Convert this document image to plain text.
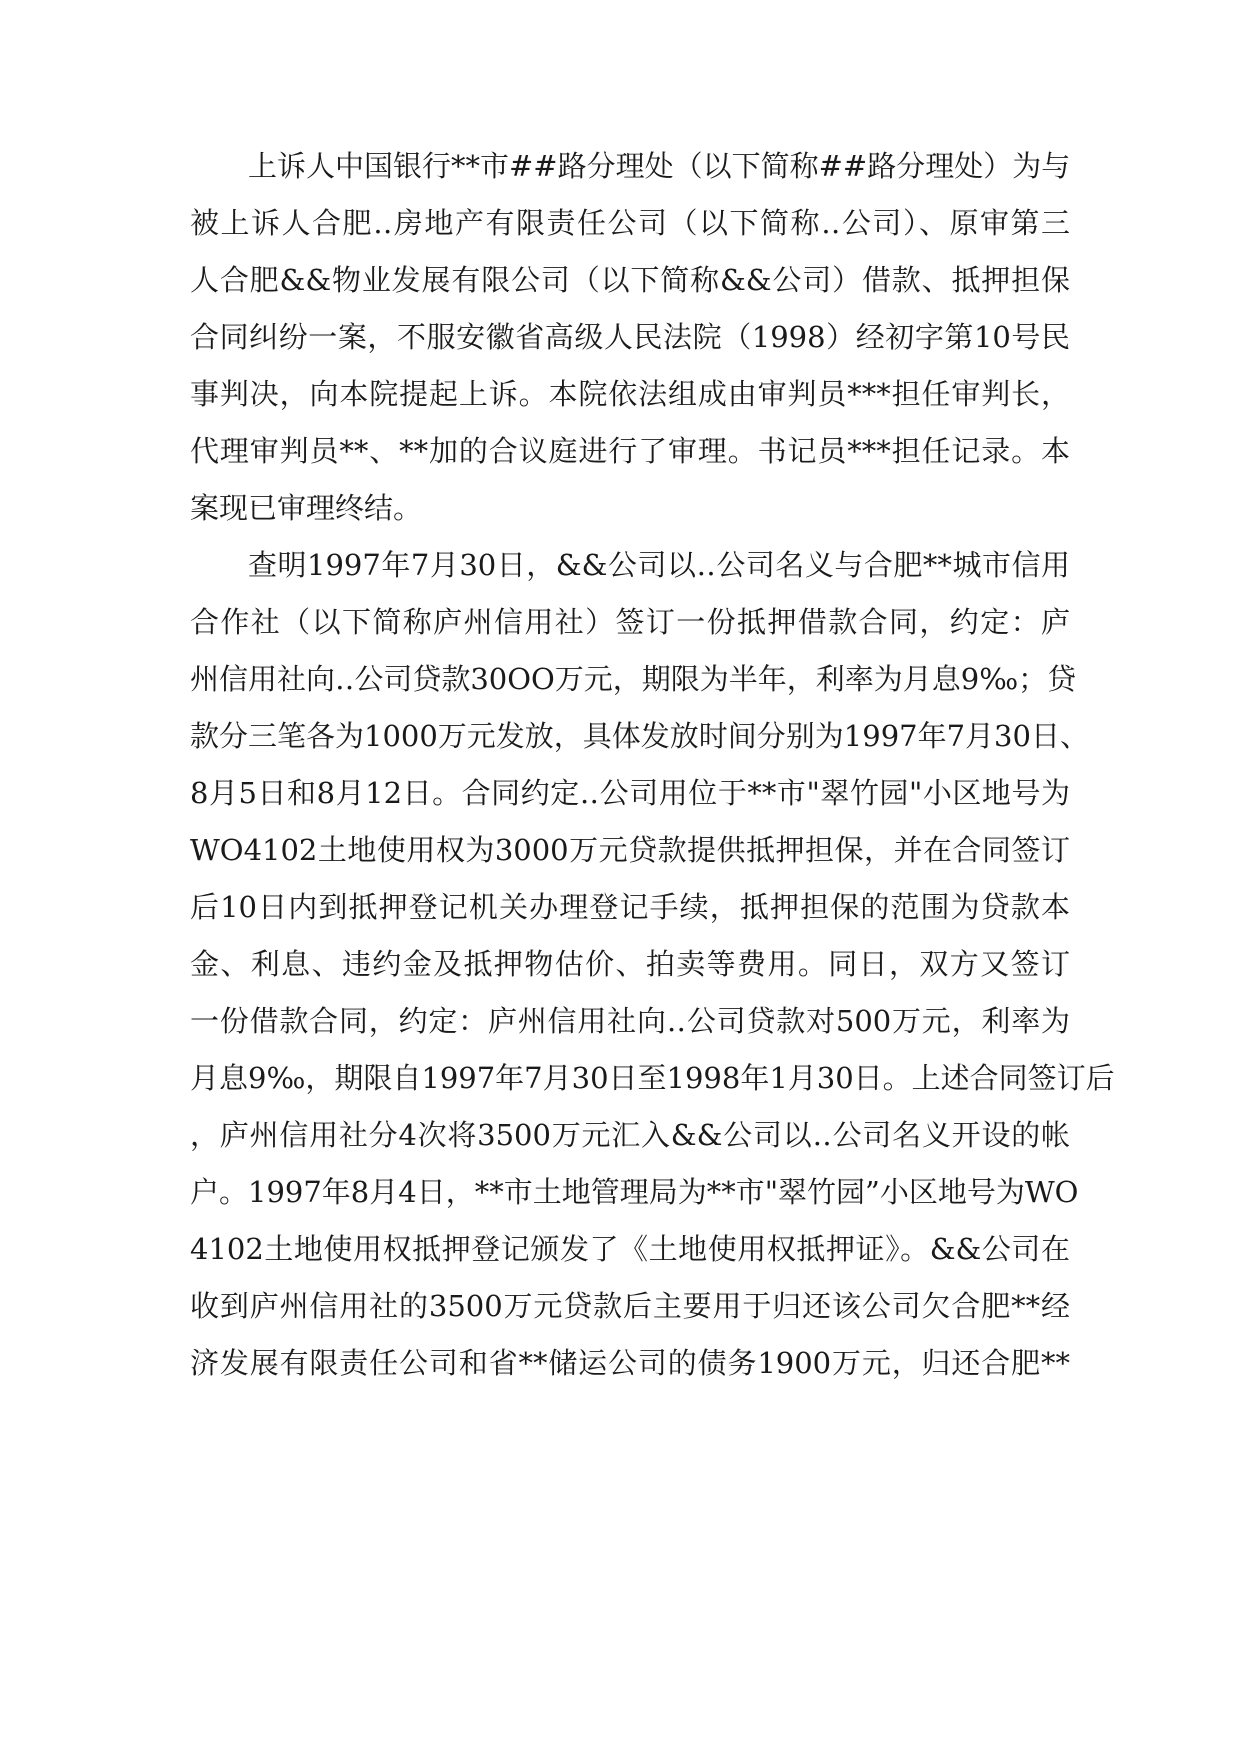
上诉人中国银行**市##路分理处（以下简称##路分理处）为与
被上诉人合肥‥房地产有限责任公司（以下简称‥公司）、原审第三
人合肥&&物业发展有限公司（以下简称&&公司）借款、抵押担保
合同纠纷一案，不服安徽省高级人民法院（1998）经初字第10号民
事判决，向本院提起上诉。本院依法组成由审判员***担任审判长，
代理审判员**、**加的合议庭进行了审理。书记员***担任记录。本
案现已审理终结。
查明1997年7月30日，&&公司以‥公司名义与合肥**城市信用
合作社（以下简称庐州信用社）签订一份抵押借款合同，约定：庐
州信用社向‥公司贷款30OO万元，期限为半年，利率为月息9‰；贷
款分三笔各为1000万元发放，具体发放时间分别为1997年7月30日、
8月5日和8月12日。合同约定‥公司用位于**市"翠竹园"小区地号为
WO4102土地使用权为3000万元贷款提供抵押担保，并在合同签订
后10日内到抵押登记机关办理登记手续，抵押担保的范围为贷款本
金、利息、违约金及抵押物估价、拍卖等费用。同日，双方又签订
一份借款合同，约定：庐州信用社向‥公司贷款对500万元，利率为
月息9‰，期限自1997年7月30日至1998年1月30日。上述合同签订后
，庐州信用社分4次将3500万元汇入&&公司以‥公司名义开设的帐
户。1997年8月4日，**市土地管理局为**市"翠竹园”小区地号为WO
4102土地使用权抵押登记颁发了《土地使用权抵押证》。&&公司在
收到庐州信用社的3500万元贷款后主要用于归还该公司欠合肥**经
济发展有限责任公司和省**储运公司的债务1900万元，归还合肥**
